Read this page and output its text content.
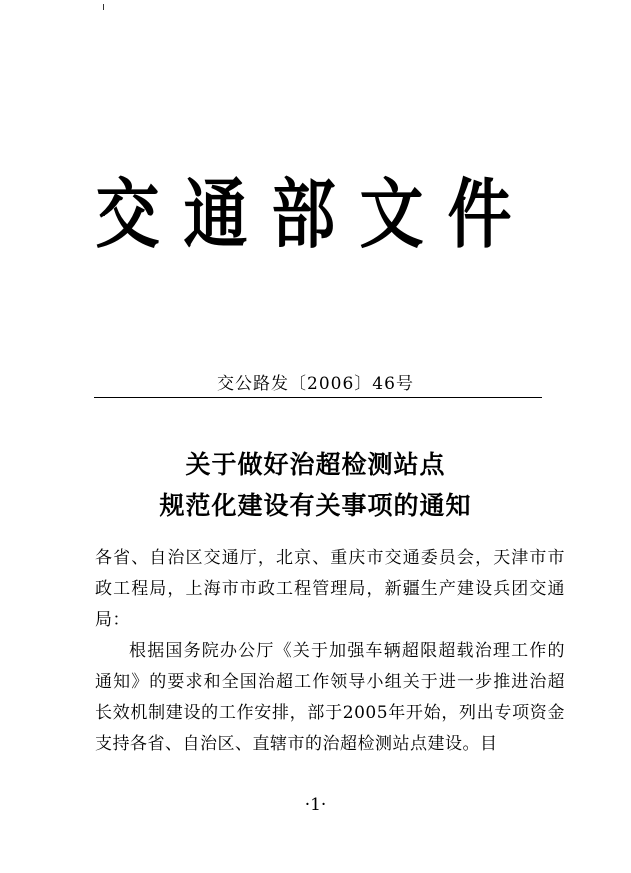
交通部文件
交公路发〔2006〕46号
关于做好治超检测站点
规范化建设有关事项的通知

各省、自治区交通厅，北京、重庆市交通委员会，天津市市政工程局，上海市市政工程管理局，新疆生产建设兵团交通局：

根据国务院办公厅《关于加强车辆超限超载治理工作的通知》的要求和全国治超工作领导小组关于进一步推进治超长效机制建设的工作安排，部于2005年开始，列出专项资金支持各省、自治区、直辖市的治超检测站点建设。目

·1·
